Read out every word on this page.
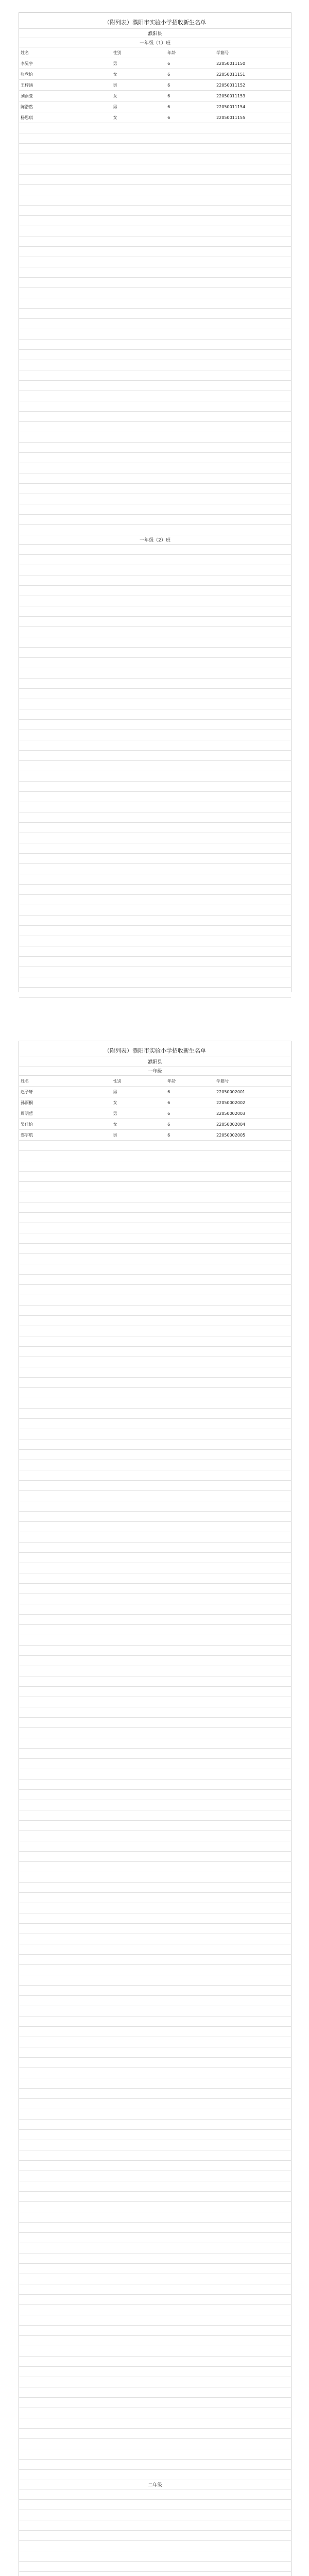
（附列表）濮阳市实验小学招收新生名单
濮阳县
一年级（1）班
姓名	性别	年龄	学籍号
李昊宇	男	6	22050011150
张欣怡	女	6	22050011151
王梓涵	男	6	22050011152
刘雨萱	女	6	22050011153
陈浩然	男	6	22050011154
杨思琪	女	6	22050011155
一年级（2）班
（附列表）濮阳市实验小学招收新生名单
濮阳县
一年级
姓名	性别	年龄	学籍号
赵子轩	男	6	22050002001
孙雨桐	女	6	22050002002
周明哲	男	6	22050002003
吴佳怡	女	6	22050002004
郑宇航	男	6	22050002005
二年级
